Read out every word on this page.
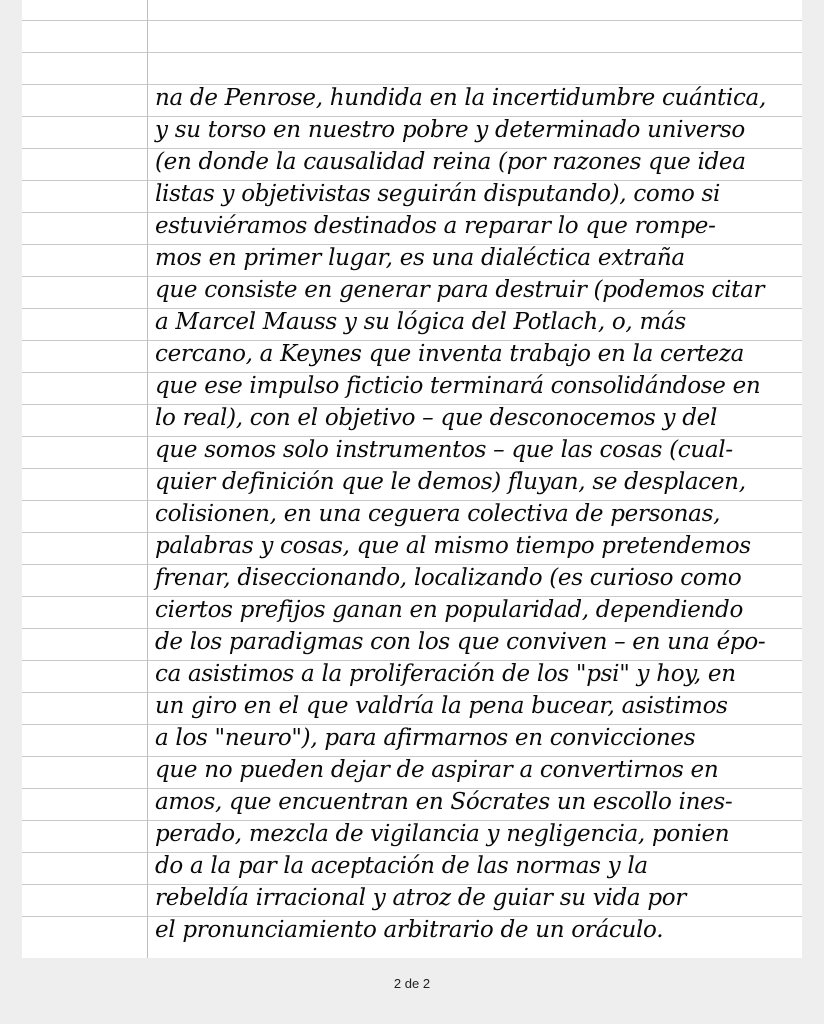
na de Penrose, hundida en la incertidumbre cuántica,
y su torso en nuestro pobre y determinado universo
(en donde la causalidad reina (por razones que idea
listas y objetivistas seguirán disputando), como si
estuviéramos destinados a reparar lo que rompe-
mos en primer lugar, es una dialéctica extraña
que consiste en generar para destruir (podemos citar
a Marcel Mauss y su lógica del Potlach, o, más
cercano, a Keynes que inventa trabajo en la certeza
que ese impulso ficticio terminará consolidándose en
lo real), con el objetivo – que desconocemos y del
que somos solo instrumentos – que las cosas (cual-
quier definición que le demos) fluyan, se desplacen,
colisionen, en una ceguera colectiva de personas,
palabras y cosas, que al mismo tiempo pretendemos
frenar, diseccionando, localizando (es curioso como
ciertos prefijos ganan en popularidad, dependiendo
de los paradigmas con los que conviven – en una épo-
ca asistimos a la proliferación de los "psi" y hoy, en
un giro en el que valdría la pena bucear, asistimos
a los "neuro"), para afirmarnos en convicciones
que no pueden dejar de aspirar a convertirnos en
amos, que encuentran en Sócrates un escollo ines-
perado, mezcla de vigilancia y negligencia, ponien
do a la par la aceptación de las normas y la
rebeldía irracional y atroz de guiar su vida por
el pronunciamiento arbitrario de un oráculo.
2 de 2
